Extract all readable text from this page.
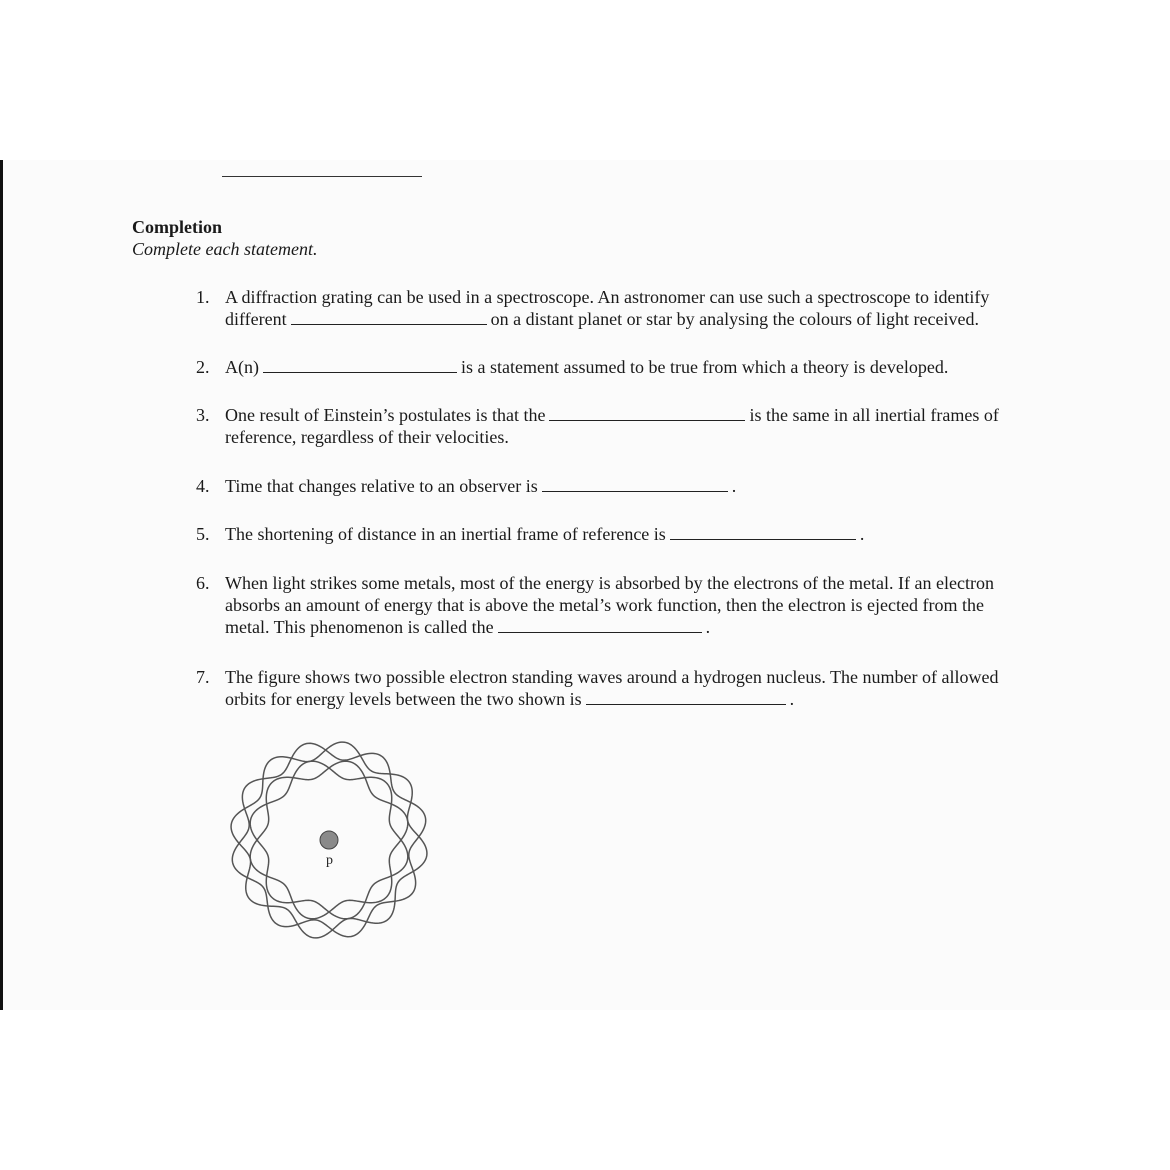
Completion
Complete each statement.
1. A diffraction grating can be used in a spectroscope. An astronomer can use such a spectroscope to identify
different	on a distant planet or star by analysing the colours of light received.
2. A(n)	is a statement assumed to be true from which a theory is developed.
3. One result of Einstein’s postulates is that the	is the same in all inertial frames of
reference, regardless of their velocities.
4. Time that changes relative to an observer is	.
5. The shortening of distance in an inertial frame of reference is	.
6. When light strikes some metals, most of the energy is absorbed by the electrons of the metal. If an electron
absorbs an amount of energy that is above the metal’s work function, then the electron is ejected from the
metal. This phenomenon is called the	.
7. The figure shows two possible electron standing waves around a hydrogen nucleus. The number of allowed
orbits for energy levels between the two shown is	.
p
